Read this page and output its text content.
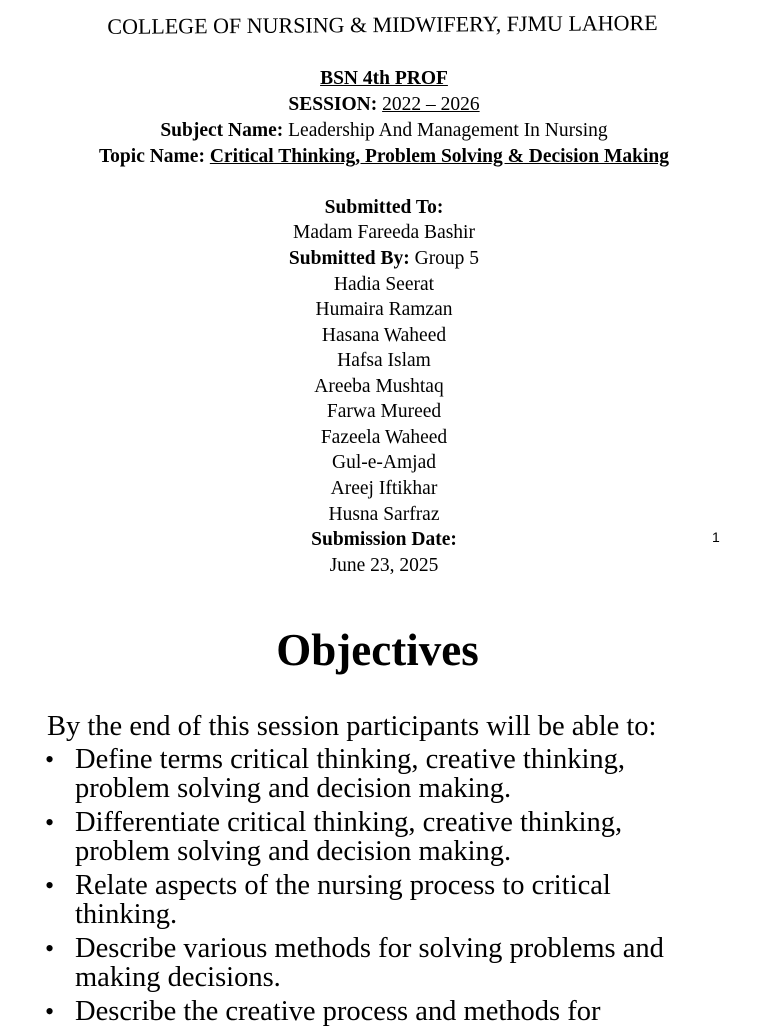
COLLEGE OF NURSING & MIDWIFERY, FJMU LAHORE
BSN 4th PROF
SESSION: 2022 – 2026
Subject Name: Leadership And Management In Nursing
Topic Name: Critical Thinking, Problem Solving & Decision Making
Submitted To:
Madam Fareeda Bashir
Submitted By: Group 5
Hadia Seerat
Humaira Ramzan
Hasana Waheed
Hafsa Islam
Areeba Mushtaq
Farwa Mureed
Fazeela Waheed
Gul-e-Amjad
Areej Iftikhar
Husna Sarfraz
Submission Date:
June 23, 2025
1
Objectives
By the end of this session participants will be able to:
• Define terms critical thinking, creative thinking, problem solving and decision making.
• Differentiate critical thinking, creative thinking, problem solving and decision making.
• Relate aspects of the nursing process to critical thinking.
• Describe various methods for solving problems and making decisions.
• Describe the creative process and methods for
